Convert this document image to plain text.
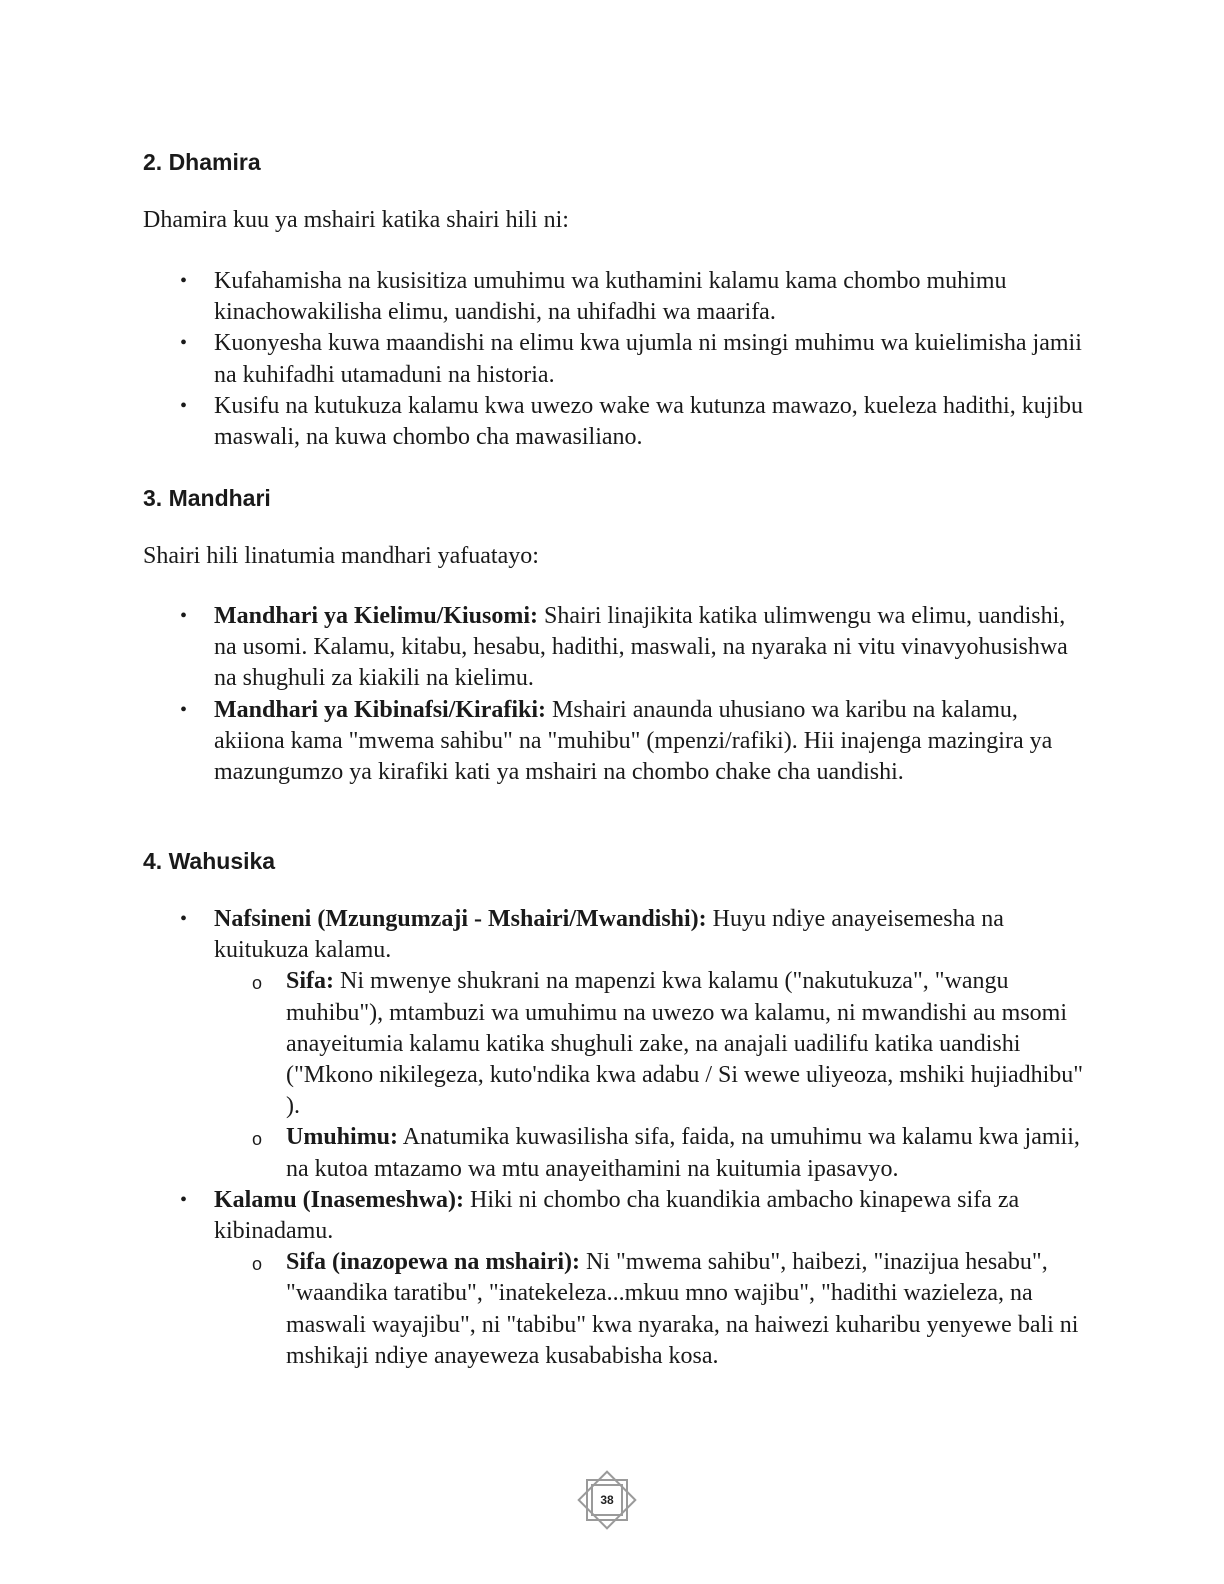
2. Dhamira

Dhamira kuu ya mshairi katika shairi hili ni:

• Kufahamisha na kusisitiza umuhimu wa kuthamini kalamu kama chombo muhimu kinachowakilisha elimu, uandishi, na uhifadhi wa maarifa.
• Kuonyesha kuwa maandishi na elimu kwa ujumla ni msingi muhimu wa kuielimisha jamii na kuhifadhi utamaduni na historia.
• Kusifu na kutukuza kalamu kwa uwezo wake wa kutunza mawazo, kueleza hadithi, kujibu maswali, na kuwa chombo cha mawasiliano.
3. Mandhari

Shairi hili linatumia mandhari yafuatayo:

• Mandhari ya Kielimu/Kiusomi: Shairi linajikita katika ulimwengu wa elimu, uandishi, na usomi. Kalamu, kitabu, hesabu, hadithi, maswali, na nyaraka ni vitu vinavyohusishwa na shughuli za kiakili na kielimu.
• Mandhari ya Kibinafsi/Kirafiki: Mshairi anaunda uhusiano wa karibu na kalamu, akiiona kama "mwema sahibu" na "muhibu" (mpenzi/rafiki). Hii inajenga mazingira ya mazungumzo ya kirafiki kati ya mshairi na chombo chake cha uandishi.
4. Wahusika
• Nafsineni (Mzungumzaji - Mshairi/Mwandishi): Huyu ndiye anayeisemesha na kuitukuza kalamu.
o Sifa: Ni mwenye shukrani na mapenzi kwa kalamu ("nakutukuza", "wangu muhibu"), mtambuzi wa umuhimu na uwezo wa kalamu, ni mwandishi au msomi anayeitumia kalamu katika shughuli zake, na anajali uadilifu katika uandishi ("Mkono nikilegeza, kuto'ndika kwa adabu / Si wewe uliyeoza, mshiki hujiadhibu" ).
o Umuhimu: Anatumika kuwasilisha sifa, faida, na umuhimu wa kalamu kwa jamii, na kutoa mtazamo wa mtu anayeithamini na kuitumia ipasavyo.
• Kalamu (Inasemeshwa): Hiki ni chombo cha kuandikia ambacho kinapewa sifa za kibinadamu.
o Sifa (inazopewa na mshairi): Ni "mwema sahibu", haibezi, "inazijua hesabu", "waandika taratibu", "inatekeleza...mkuu mno wajibu", "hadithi wazieleza, na maswali wayajibu", ni "tabibu" kwa nyaraka, na haiwezi kuharibu yenyewe bali ni mshikaji ndiye anayeweza kusababisha kosa.
38
